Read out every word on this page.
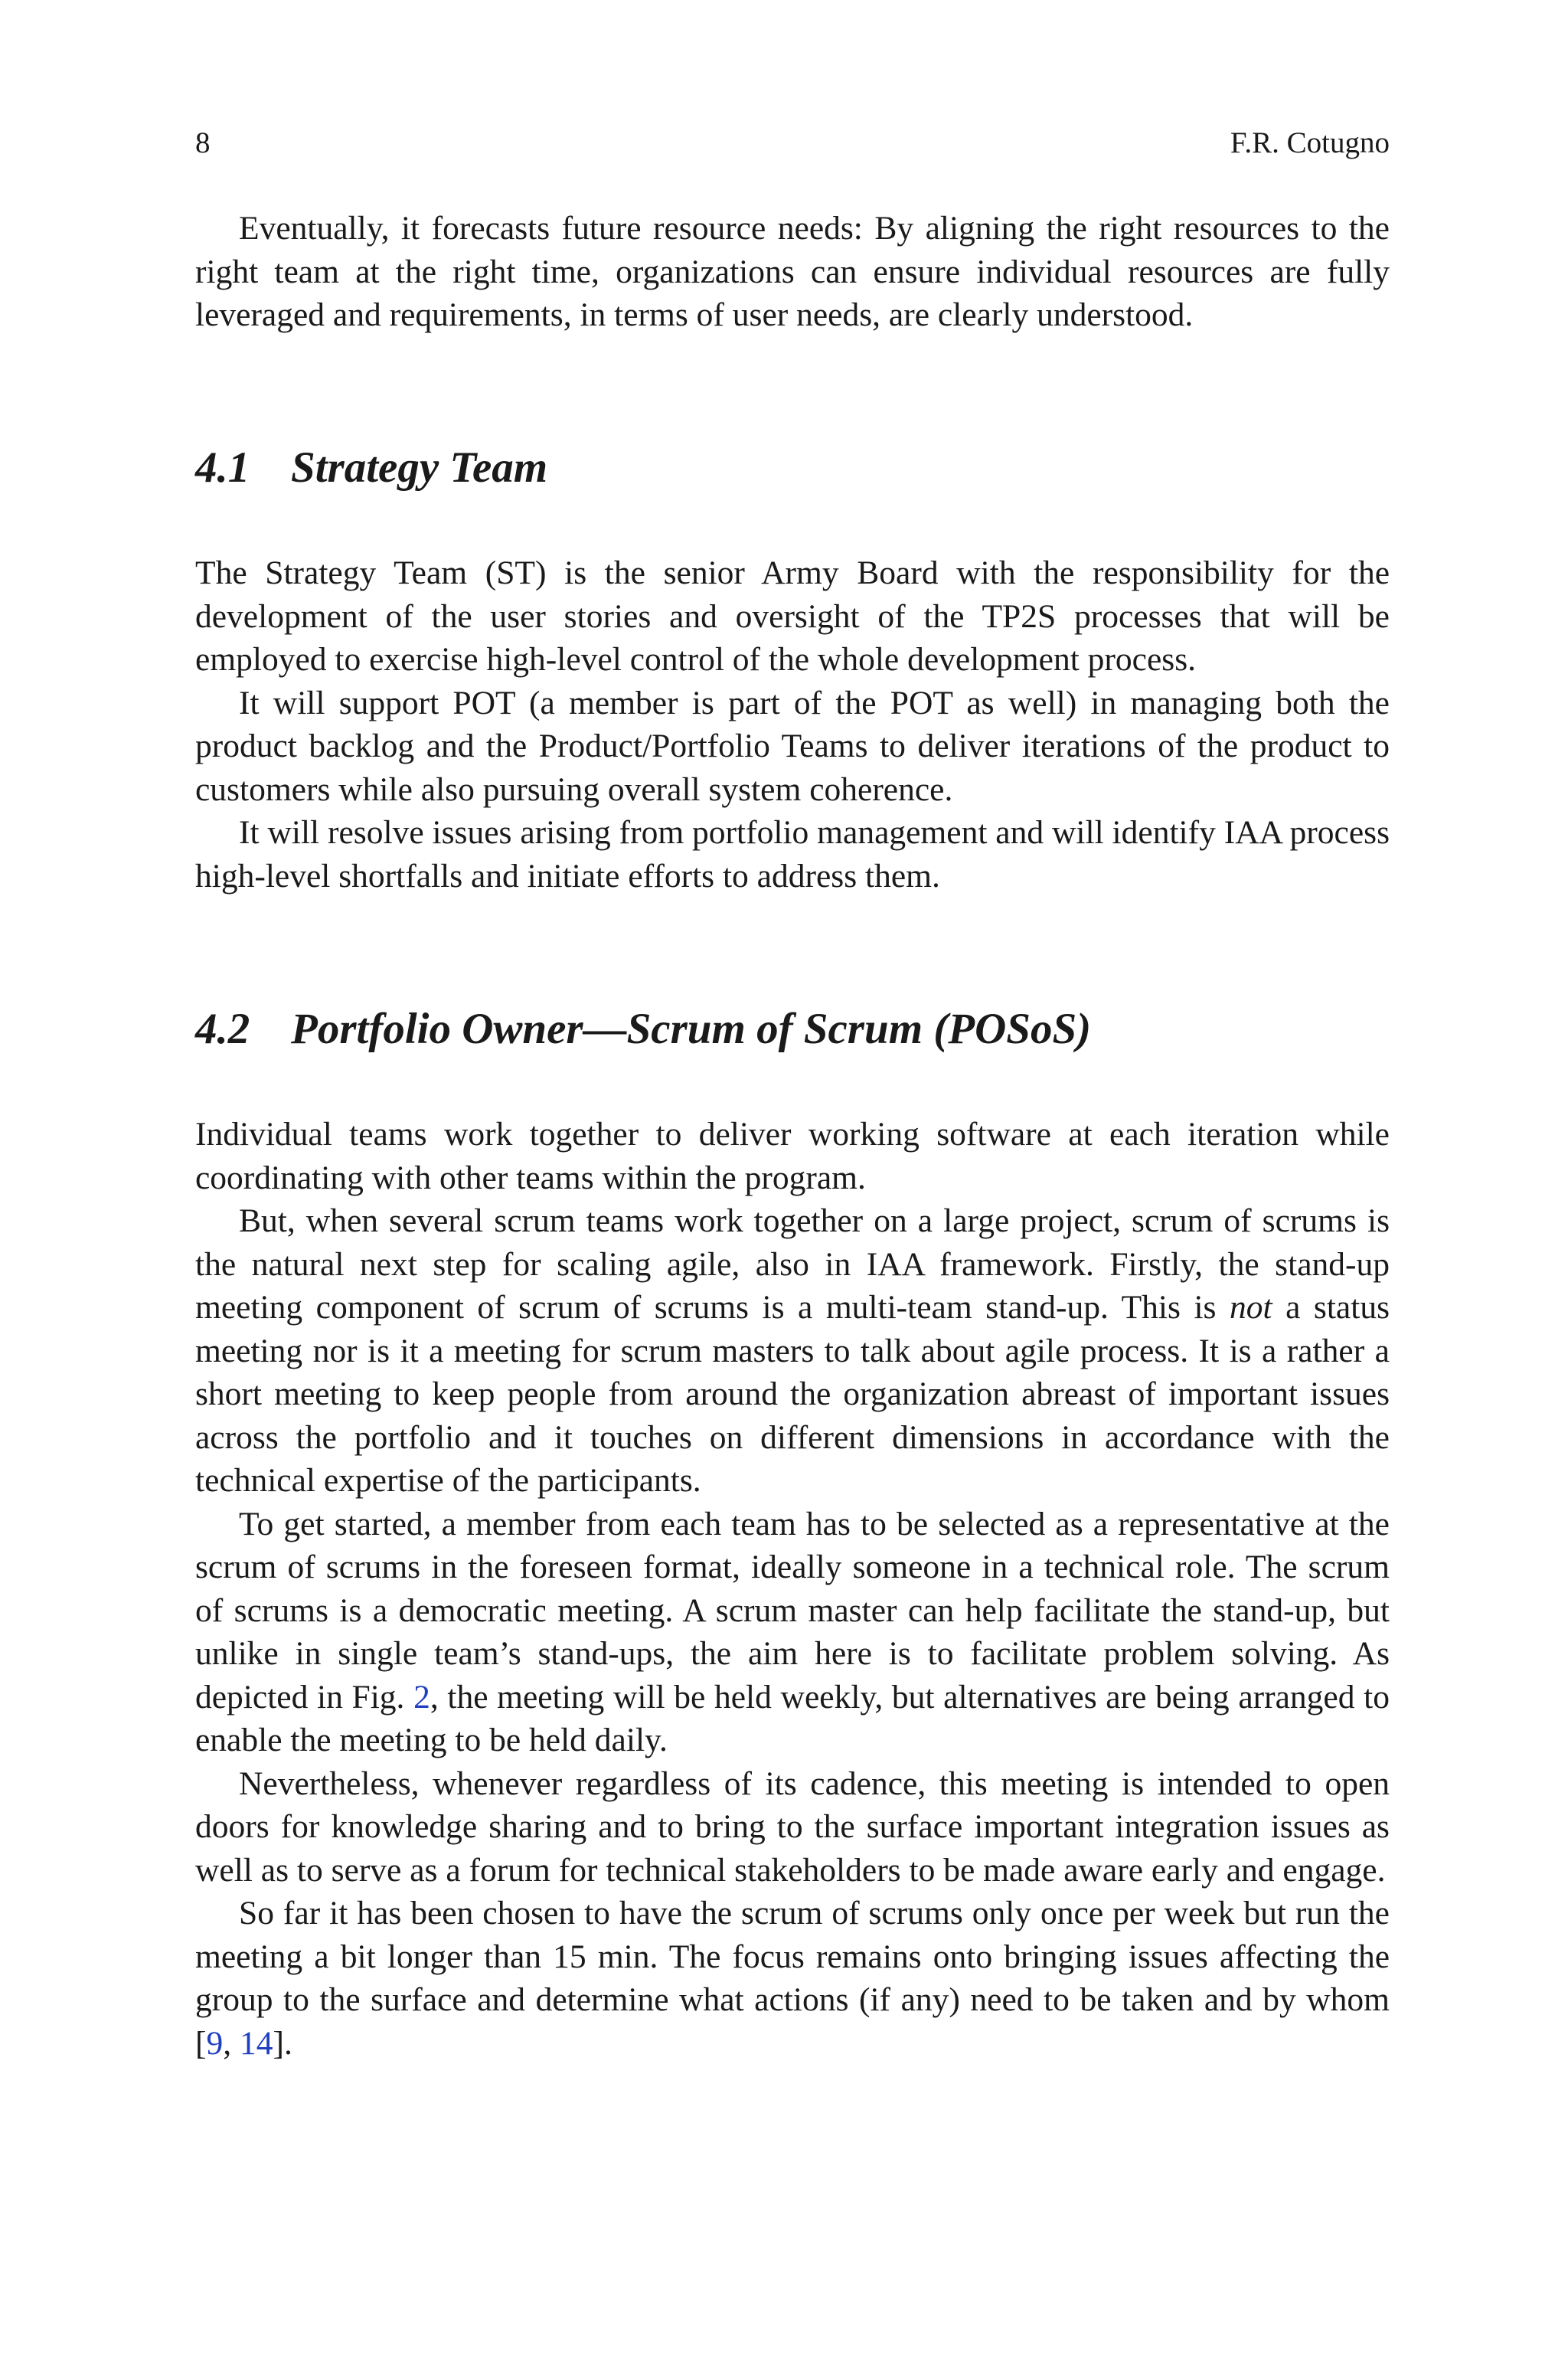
8	F.R. Cotugno

Eventually, it forecasts future resource needs: By aligning the right resources to the right team at the right time, organizations can ensure individual resources are fully leveraged and requirements, in terms of user needs, are clearly understood.

4.1 Strategy Team

The Strategy Team (ST) is the senior Army Board with the responsibility for the development of the user stories and oversight of the TP2S processes that will be employed to exercise high-level control of the whole development process.

It will support POT (a member is part of the POT as well) in managing both the product backlog and the Product/Portfolio Teams to deliver iterations of the product to customers while also pursuing overall system coherence.

It will resolve issues arising from portfolio management and will identify IAA process high-level shortfalls and initiate efforts to address them.

4.2 Portfolio Owner—Scrum of Scrum (POSoS)

Individual teams work together to deliver working software at each iteration while coordinating with other teams within the program.

But, when several scrum teams work together on a large project, scrum of scrums is the natural next step for scaling agile, also in IAA framework. Firstly, the stand-up meeting component of scrum of scrums is a multi-team stand-up. This is not a status meeting nor is it a meeting for scrum masters to talk about agile process. It is a rather a short meeting to keep people from around the organization abreast of important issues across the portfolio and it touches on different dimensions in accordance with the technical expertise of the participants.

To get started, a member from each team has to be selected as a representative at the scrum of scrums in the foreseen format, ideally someone in a technical role. The scrum of scrums is a democratic meeting. A scrum master can help facilitate the stand-up, but unlike in single team’s stand-ups, the aim here is to facilitate problem solving. As depicted in Fig. 2, the meeting will be held weekly, but alternatives are being arranged to enable the meeting to be held daily.

Nevertheless, whenever regardless of its cadence, this meeting is intended to open doors for knowledge sharing and to bring to the surface important integration issues as well as to serve as a forum for technical stakeholders to be made aware early and engage.

So far it has been chosen to have the scrum of scrums only once per week but run the meeting a bit longer than 15 min. The focus remains onto bringing issues affecting the group to the surface and determine what actions (if any) need to be taken and by whom [9, 14].
